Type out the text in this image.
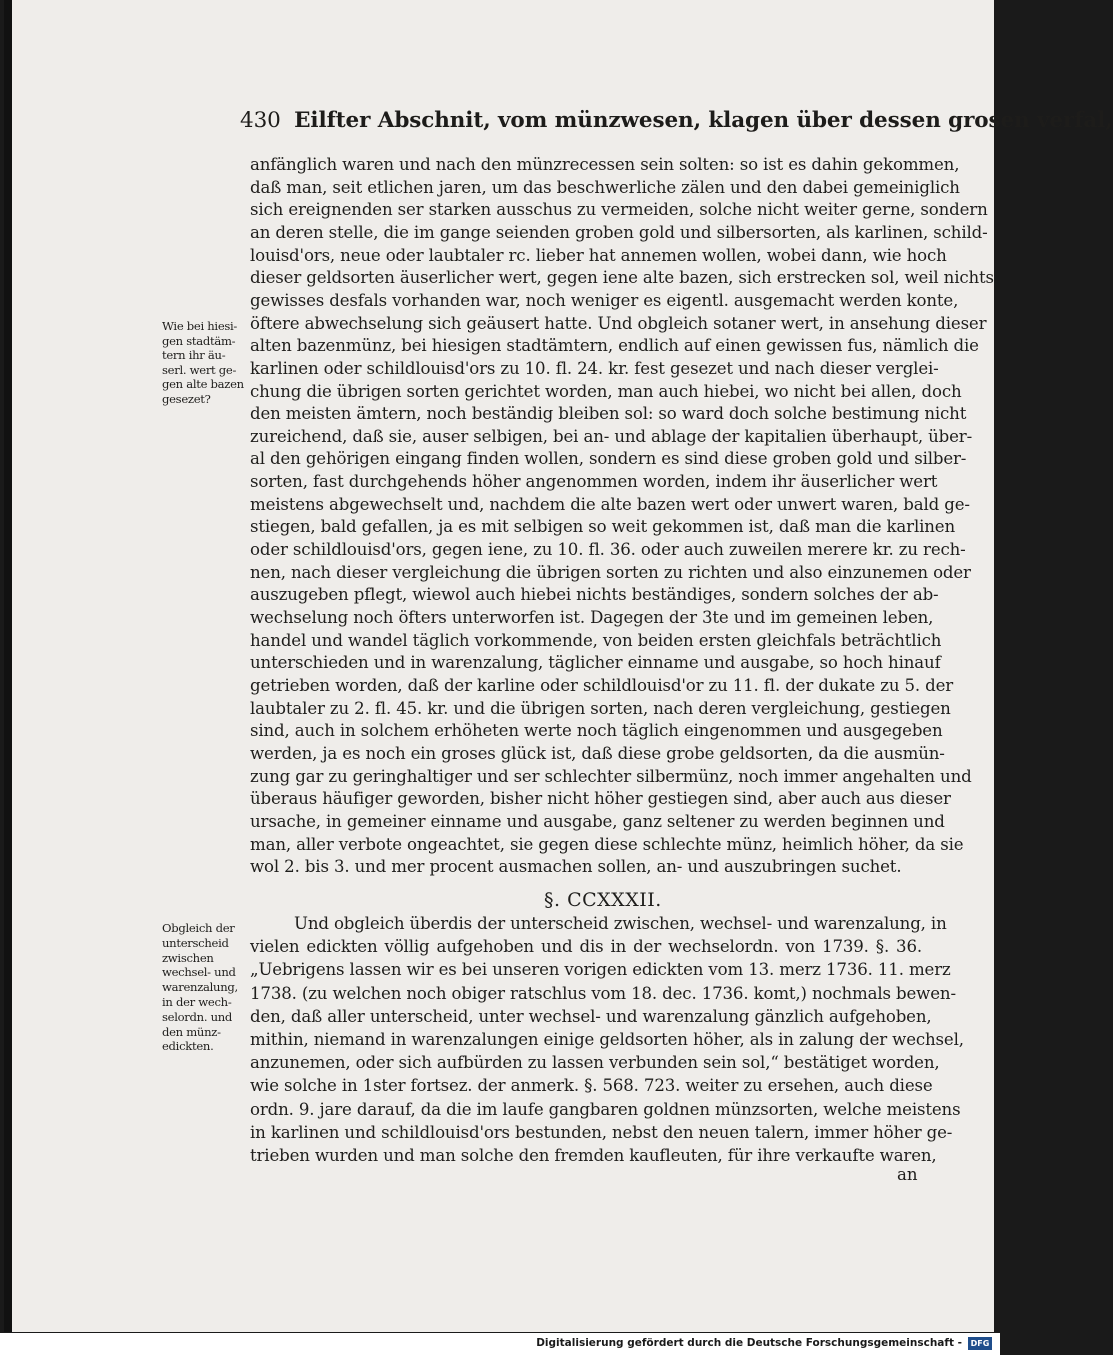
430 Eilfter Abschnit, vom münzwesen, klagen über dessen grosen verfal,
anfänglich waren und nach den münzrecessen sein solten: so ist es dahin gekommen,
daß man, seit etlichen jaren, um das beschwerliche zälen und den dabei gemeiniglich
sich ereignenden ser starken ausschus zu vermeiden, solche nicht weiter gerne, sondern
an deren stelle, die im gange seienden groben gold und silbersorten, als karlinen, schild-
louisd'ors, neue oder laubtaler rc. lieber hat annemen wollen, wobei dann, wie hoch
dieser geldsorten äuserlicher wert, gegen iene alte bazen, sich erstrecken sol, weil nichts
gewisses desfals vorhanden war, noch weniger es eigentl. ausgemacht werden konte,
öftere abwechselung sich geäusert hatte. Und obgleich sotaner wert, in ansehung dieser
alten bazenmünz, bei hiesigen stadtämtern, endlich auf einen gewissen fus, nämlich die
karlinen oder schildlouisd'ors zu 10. fl. 24. kr. fest gesezet und nach dieser verglei-
chung die übrigen sorten gerichtet worden, man auch hiebei, wo nicht bei allen, doch
den meisten ämtern, noch beständig bleiben sol: so ward doch solche bestimung nicht
zureichend, daß sie, auser selbigen, bei an- und ablage der kapitalien überhaupt, über-
al den gehörigen eingang finden wollen, sondern es sind diese groben gold und silber-
sorten, fast durchgehends höher angenommen worden, indem ihr äuserlicher wert
meistens abgewechselt und, nachdem die alte bazen wert oder unwert waren, bald ge-
stiegen, bald gefallen, ja es mit selbigen so weit gekommen ist, daß man die karlinen
oder schildlouisd'ors, gegen iene, zu 10. fl. 36. oder auch zuweilen merere kr. zu rech-
nen, nach dieser vergleichung die übrigen sorten zu richten und also einzunemen oder
auszugeben pflegt, wiewol auch hiebei nichts beständiges, sondern solches der ab-
wechselung noch öfters unterworfen ist. Dagegen der 3te und im gemeinen leben,
handel und wandel täglich vorkommende, von beiden ersten gleichfals beträchtlich
unterschieden und in warenzalung, täglicher einname und ausgabe, so hoch hinauf
getrieben worden, daß der karline oder schildlouisd'or zu 11. fl. der dukate zu 5. der
laubtaler zu 2. fl. 45. kr. und die übrigen sorten, nach deren vergleichung, gestiegen
sind, auch in solchem erhöheten werte noch täglich eingenommen und ausgegeben
werden, ja es noch ein groses glück ist, daß diese grobe geldsorten, da die ausmün-
zung gar zu geringhaltiger und ser schlechter silbermünz, noch immer angehalten und
überaus häufiger geworden, bisher nicht höher gestiegen sind, aber auch aus dieser
ursache, in gemeiner einname und ausgabe, ganz seltener zu werden beginnen und
man, aller verbote ongeachtet, sie gegen diese schlechte münz, heimlich höher, da sie
wol 2. bis 3. und mer procent ausmachen sollen, an- und auszubringen suchet.
Wie bei hiesi-
gen stadtäm-
tern ihr äu-
serl. wert ge-
gen alte bazen
gesezet?
§. CCXXXII.
Und obgleich überdis der unterscheid zwischen, wechsel- und warenzalung, in
vielen edickten völlig aufgehoben und dis in der wechselordn. von 1739. §. 36.
„Uebrigens lassen wir es bei unseren vorigen edickten vom 13. merz 1736. 11. merz
1738. (zu welchen noch obiger ratschlus vom 18. dec. 1736. komt,) nochmals bewen-
den, daß aller unterscheid, unter wechsel- und warenzalung gänzlich aufgehoben,
mithin, niemand in warenzalungen einige geldsorten höher, als in zalung der wechsel,
anzunemen, oder sich aufbürden zu lassen verbunden sein sol,“ bestätiget worden,
wie solche in 1ster fortsez. der anmerk. §. 568. 723. weiter zu ersehen, auch diese
ordn. 9. jare darauf, da die im laufe gangbaren goldnen münzsorten, welche meistens
in karlinen und schildlouisd'ors bestunden, nebst den neuen talern, immer höher ge-
trieben wurden und man solche den fremden kaufleuten, für ihre verkaufte waren,
Obgleich der
unterscheid
zwischen
wechsel- und
warenzalung,
in der wech-
selordn. und
den münz-
edickten.
an
Digitalisierung gefördert durch die Deutsche Forschungsgemeinschaft -	DFG
